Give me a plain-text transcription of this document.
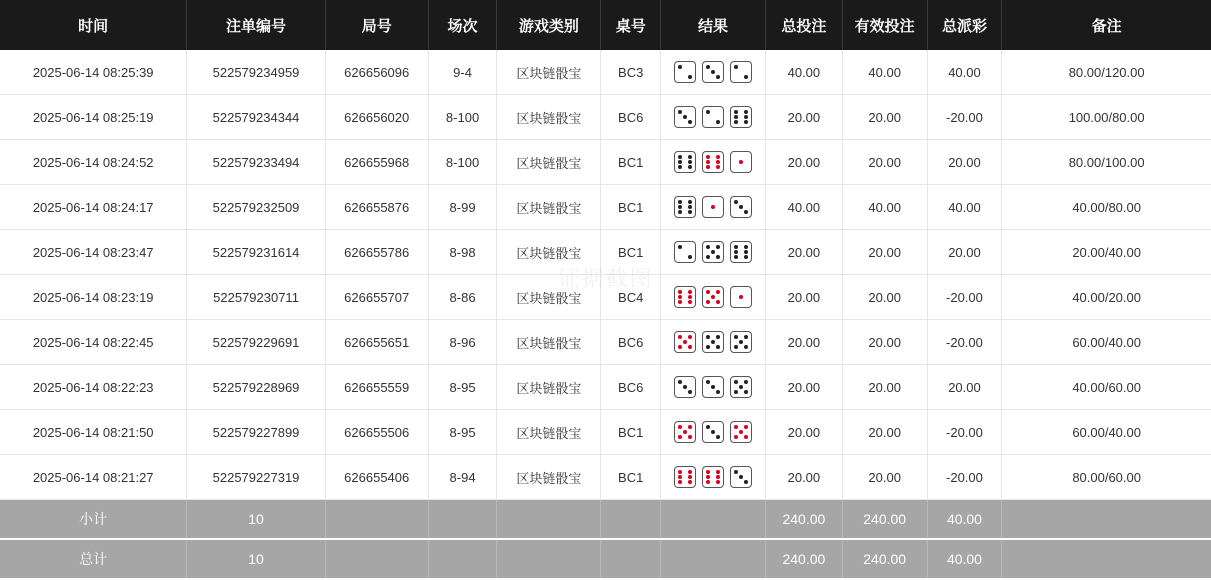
时间	注单编号	局号	场次	游戏类别	桌号	结果	总投注	有效投注	总派彩	备注
2025-06-14 08:25:39	522579234959	626656096	9-4	区块链骰宝	BC3		40.00	40.00	40.00	80.00/120.00
2025-06-14 08:25:19	522579234344	626656020	8-100	区块链骰宝	BC6		20.00	20.00	-20.00	100.00/80.00
2025-06-14 08:24:52	522579233494	626655968	8-100	区块链骰宝	BC1		20.00	20.00	20.00	80.00/100.00
2025-06-14 08:24:17	522579232509	626655876	8-99	区块链骰宝	BC1		40.00	40.00	40.00	40.00/80.00
2025-06-14 08:23:47	522579231614	626655786	8-98	区块链骰宝	BC1		20.00	20.00	20.00	20.00/40.00
2025-06-14 08:23:19	522579230711	626655707	8-86	区块链骰宝	BC4		20.00	20.00	-20.00	40.00/20.00
2025-06-14 08:22:45	522579229691	626655651	8-96	区块链骰宝	BC6		20.00	20.00	-20.00	60.00/40.00
2025-06-14 08:22:23	522579228969	626655559	8-95	区块链骰宝	BC6		20.00	20.00	20.00	40.00/60.00
2025-06-14 08:21:50	522579227899	626655506	8-95	区块链骰宝	BC1		20.00	20.00	-20.00	60.00/40.00
2025-06-14 08:21:27	522579227319	626655406	8-94	区块链骰宝	BC1		20.00	20.00	-20.00	80.00/60.00
小计	10						240.00	240.00	40.00	
总计	10						240.00	240.00	40.00	
